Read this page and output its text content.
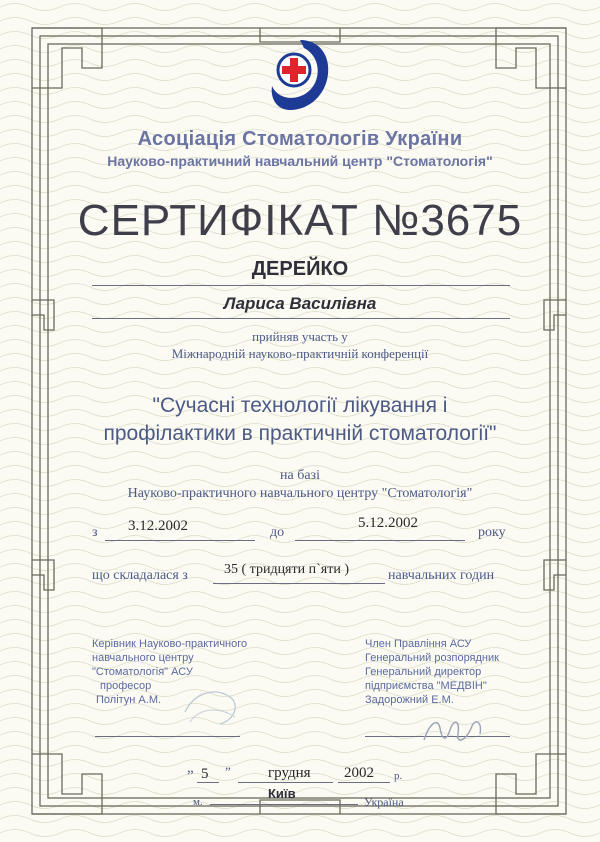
Асоціація Стоматологів України
Науково-практичний навчальний центр "Стоматологія"
СЕРТИФІКАТ №3675
ДЕРЕЙКО
Лариса Василівна
прийняв участь у
Міжнародній науково-практичній конференції
"Сучасні технології лікування і
профілактики в практичній стоматології"
на базі
Науково-практичного навчального центру "Стоматологія"
з 3.12.2002	до
5.12.2002
року
що складалася з	35 ( тридцяти п`яти )	навчальних годин
Керівник Науково-практичного
навчального центру
"Стоматологія" АСУ
професор
Політун А.М.
Член Правління АСУ
Генеральний розпорядник
Генеральний директор
підприємства "МЕДВІН"
Задорожний Е.М.
„ 5 ” грудня 2002 р.
м.
Київ
Україна
